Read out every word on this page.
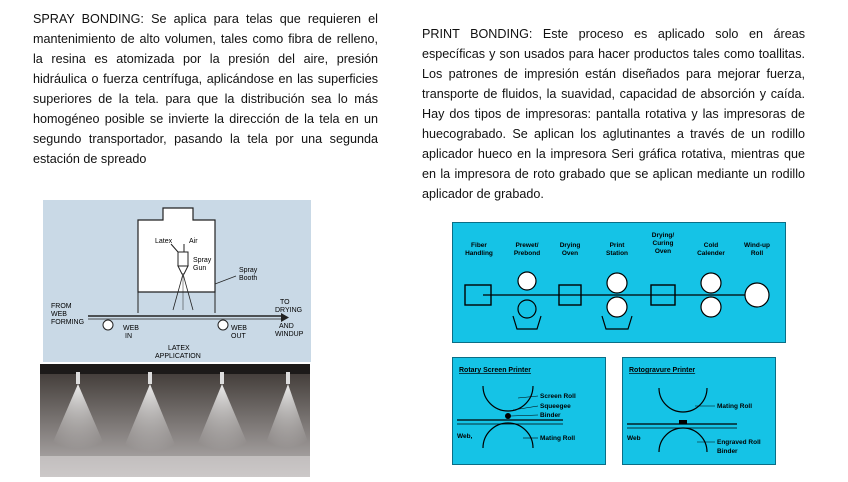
SPRAY BONDING: Se aplica para telas que requieren el mantenimiento de alto volumen, tales como fibra de relleno, la resina es atomizada por la presión del aire, presión hidráulica o fuerza centrífuga, aplicándose en las superficies superiores de la tela. para que la distribución sea lo más homogéneo posible se invierte la dirección de la tela en un segundo transportador, pasando la tela por una segunda estación de spreado

PRINT BONDING: Este proceso es aplicado solo en áreas específicas y son usados para hacer productos tales como toallitas. Los patrones de impresión están diseñados para mejorar fuerza, transporte de fluidos, la suavidad, capacidad de absorción y caída. Hay dos tipos de impresoras: pantalla rotativa y las impresoras de huecograbado. Se aplican los aglutinantes a través de un rodillo aplicador hueco en la impresora Seri gráfica rotativa, mientras que en la impresora de roto grabado que se aplican mediante un rodillo aplicador de grabado.

Latex Air
Spray
Gun	Spray
Booth
FROM
WEB
FORMING
WEB
IN
WEB
OUT
TO
DRYING
AND
WINDUP
LATEX
APPLICATION
Fiber
Handling
Prewet/
Prebond
Drying
Oven
Print
Station
Drying/
Curing
Oven
Cold
Calender
Wind-up
Roll
Rotary Screen Printer
Screen Roll
Squeegee
Binder
Web,	Mating Roll
Rotogravure Printer
Mating Roll
Web
Engraved Roll
Binder
